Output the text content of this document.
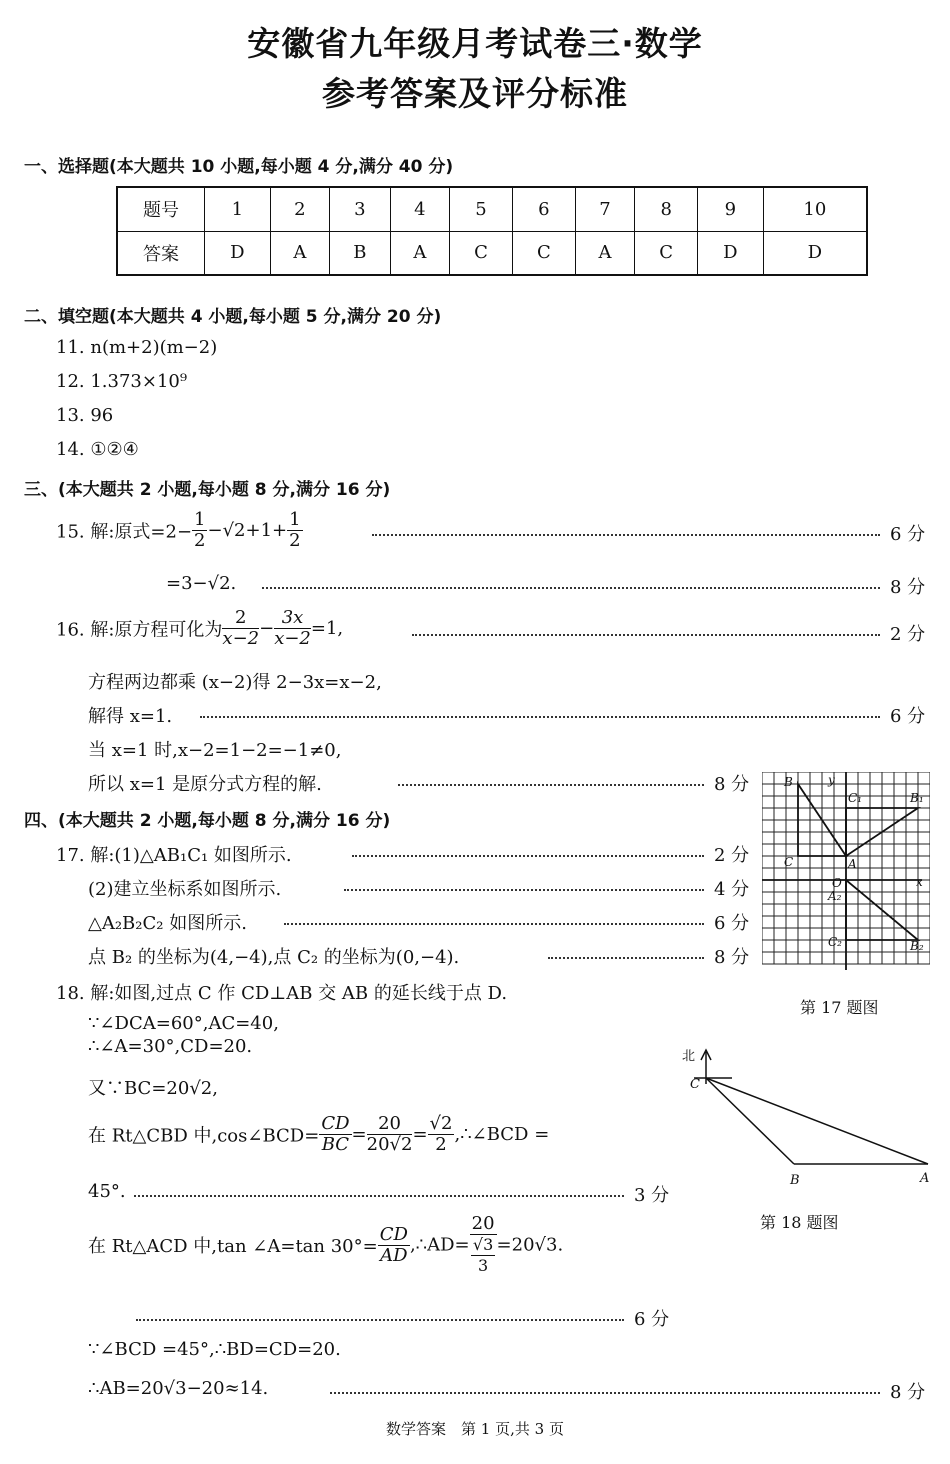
安徽省九年级月考试卷三·数学
参考答案及评分标准
一、选择题(本大题共 10 小题,每小题 4 分,满分 40 分)
题号	1	2	3	4	5	6	7	8	9	10
答案	D	A	B	A	C	C	A	C	D	D
二、填空题(本大题共 4 小题,每小题 5 分,满分 20 分)
11. n(m+2)(m−2)
12. 1.373×10⁹
13. 96
14. ①②④
三、(本大题共 2 小题,每小题 8 分,满分 16 分)
15. 解:原式$=2- \frac{1}{2} -√2+1+ \frac{1}{2}$	6 分
=3−√2.	8 分
16. 解:原方程可化为 $\frac{2}{x-2} - \frac{3x}{x-2} =1$,	2 分
方程两边都乘 (x−2)得 2−3x=x−2,
解得 x=1.	6 分
当 x=1 时,x−2=1−2=−1≠0,
所以 x=1 是原分式方程的解.	8 分
四、(本大题共 2 小题,每小题 8 分,满分 16 分)
17. 解:(1)△AB₁C₁ 如图所示.	2 分
(2)建立坐标系如图所示.	4 分
△A₂B₂C₂ 如图所示.	6 分
点 B₂ 的坐标为(4,−4),点 C₂ 的坐标为(0,−4).	8 分
B	y
C₁	B₁
C	A
O	x
A₂
C₂	B₂
第 17 题图
18. 解:如图,过点 C 作 CD⊥AB 交 AB 的延长线于点 D.
∵∠DCA=60°,AC=40,
∴∠A=30°,CD=20.
又∵BC=20√2,
在 Rt△CBD 中,cos∠BCD= $\frac{CD}{BC} = \frac{20}{20√2} = \frac{√2}{2}$ ,∴∠BCD =
45°.	3 分
在 Rt△ACD 中,tan ∠A=tan $30^\circ= \frac{CD}{AD}$ ,∴AD= $\frac{20}{\frac{√3}{3}} =20√3$.
6 分
∵∠BCD =45°,∴BD=CD=20.
∴AB=20√3−20≈14.	8 分
北
C
B	A
第 18 题图
数学答案　第 1 页,共 3 页
